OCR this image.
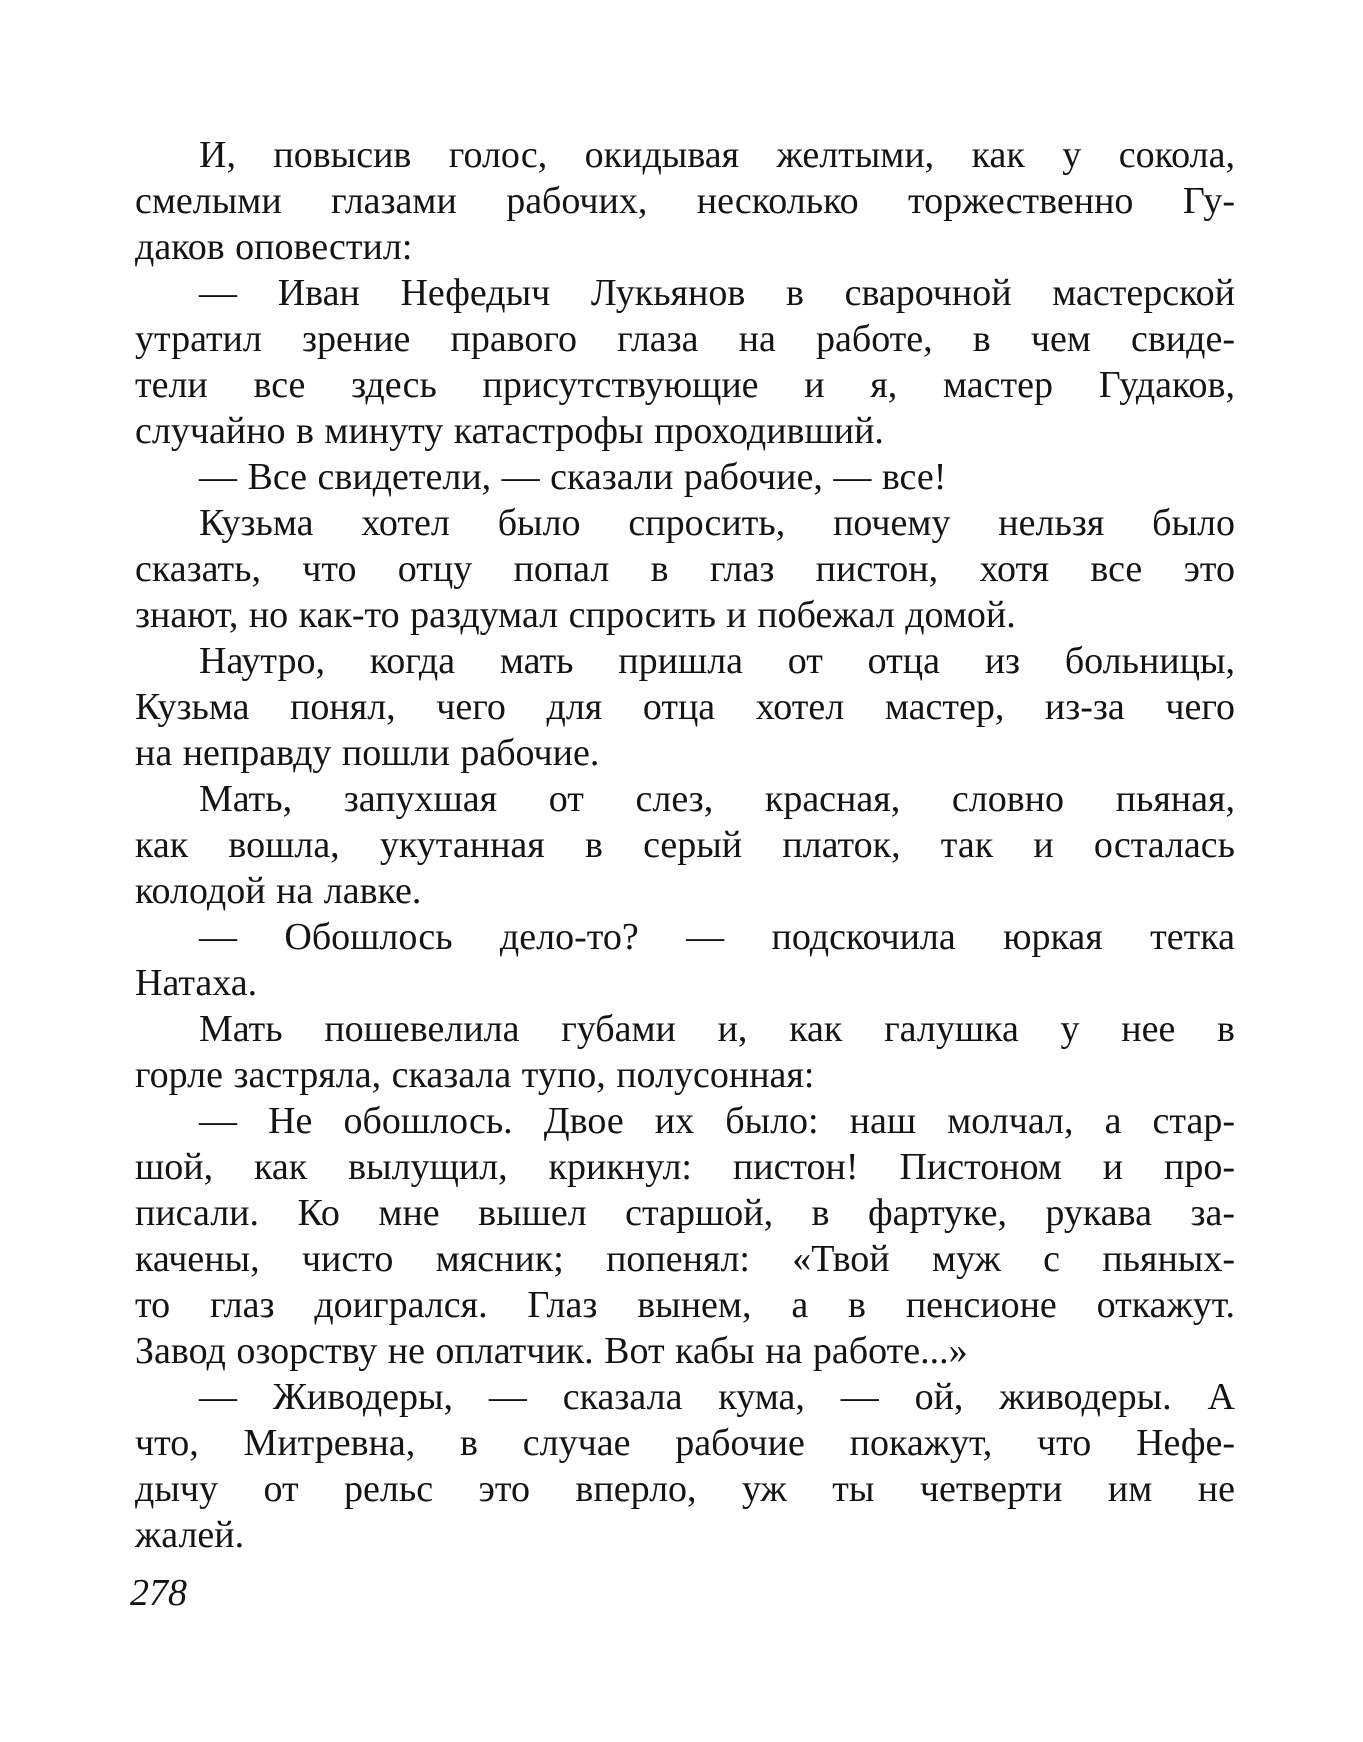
И, повысив голос, окидывая желтыми, как у сокола,
смелыми глазами рабочих, несколько торжественно Гу-
даков оповестил:
— Иван Нефедыч Лукьянов в сварочной мастерской
утратил зрение правого глаза на работе, в чем свиде-
тели все здесь присутствующие и я, мастер Гудаков,
случайно в минуту катастрофы проходивший.
— Все свидетели, — сказали рабочие, — все!
Кузьма хотел было спросить, почему нельзя было
сказать, что отцу попал в глаз пистон, хотя все это
знают, но как-то раздумал спросить и побежал домой.
Наутро, когда мать пришла от отца из больницы,
Кузьма понял, чего для отца хотел мастер, из-за чего
на неправду пошли рабочие.
Мать, запухшая от слез, красная, словно пьяная,
как вошла, укутанная в серый платок, так и осталась
колодой на лавке.
— Обошлось дело-то? — подскочила юркая тетка
Натаха.
Мать пошевелила губами и, как галушка у нее в
горле застряла, сказала тупо, полусонная:
— Не обошлось. Двое их было: наш молчал, а стар-
шой, как вылущил, крикнул: пистон! Пистоном и про-
писали. Ко мне вышел старшой, в фартуке, рукава за-
качены, чисто мясник; попенял: «Твой муж с пьяных-
то глаз доигрался. Глаз вынем, а в пенсионе откажут.
Завод озорству не оплатчик. Вот кабы на работе...»
— Живодеры, — сказала кума, — ой, живодеры. А
что, Митревна, в случае рабочие покажут, что Нефе-
дычу от рельс это вперло, уж ты четверти им не
жалей.
278
